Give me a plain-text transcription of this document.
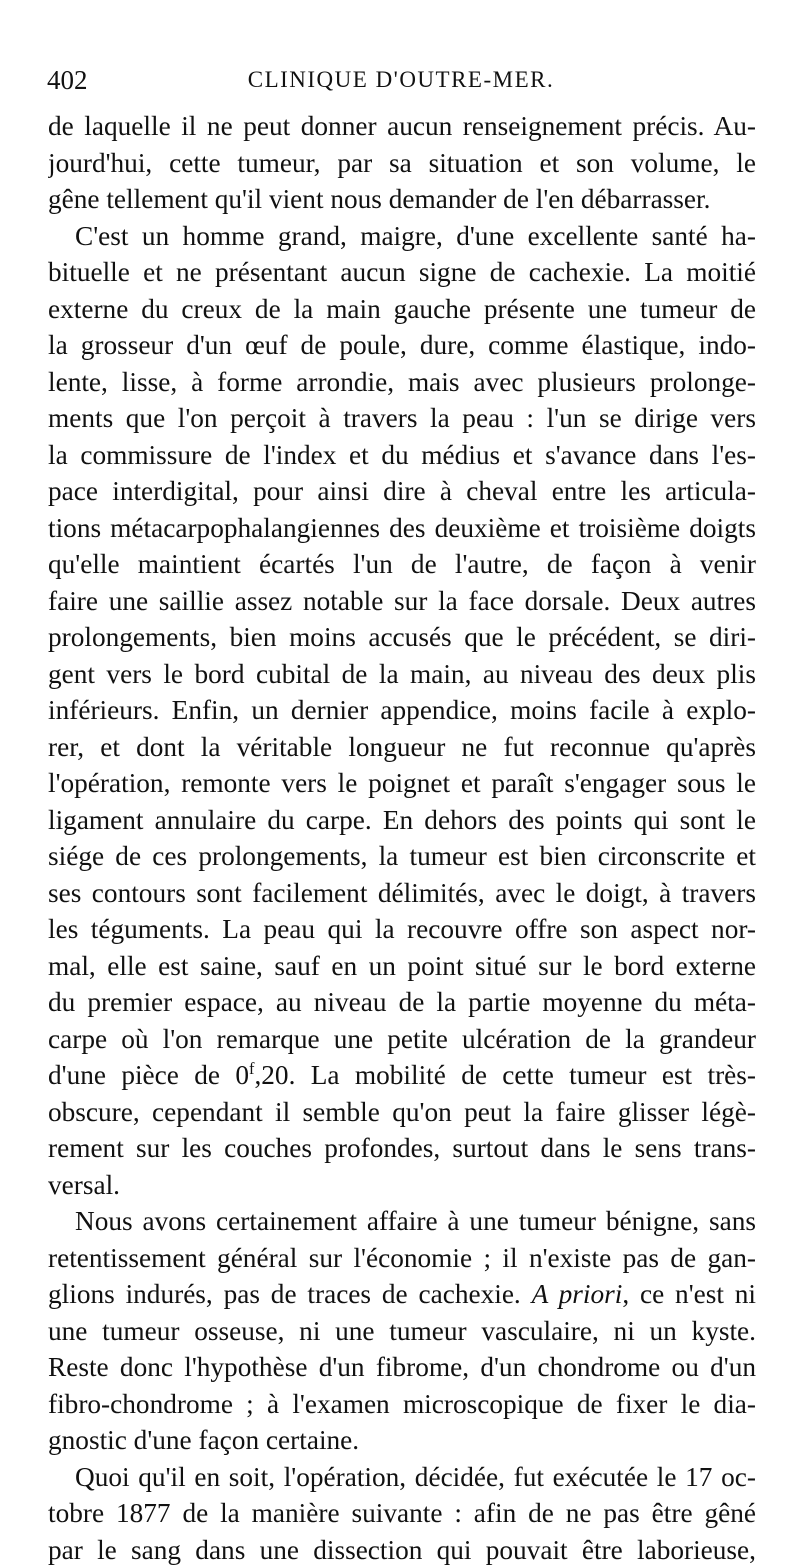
402	CLINIQUE D'OUTRE-MER.
de laquelle il ne peut donner aucun renseignement précis. Au-
jourd'hui, cette tumeur, par sa situation et son volume, le
gêne tellement qu'il vient nous demander de l'en débarrasser.
C'est un homme grand, maigre, d'une excellente santé ha-
bituelle et ne présentant aucun signe de cachexie. La moitié
externe du creux de la main gauche présente une tumeur de
la grosseur d'un œuf de poule, dure, comme élastique, indo-
lente, lisse, à forme arrondie, mais avec plusieurs prolonge-
ments que l'on perçoit à travers la peau : l'un se dirige vers
la commissure de l'index et du médius et s'avance dans l'es-
pace interdigital, pour ainsi dire à cheval entre les articula-
tions métacarpophalangiennes des deuxième et troisième doigts
qu'elle maintient écartés l'un de l'autre, de façon à venir
faire une saillie assez notable sur la face dorsale. Deux autres
prolongements, bien moins accusés que le précédent, se diri-
gent vers le bord cubital de la main, au niveau des deux plis
inférieurs. Enfin, un dernier appendice, moins facile à explo-
rer, et dont la véritable longueur ne fut reconnue qu'après
l'opération, remonte vers le poignet et paraît s'engager sous le
ligament annulaire du carpe. En dehors des points qui sont le
siége de ces prolongements, la tumeur est bien circonscrite et
ses contours sont facilement délimités, avec le doigt, à travers
les téguments. La peau qui la recouvre offre son aspect nor-
mal, elle est saine, sauf en un point situé sur le bord externe
du premier espace, au niveau de la partie moyenne du méta-
carpe où l'on remarque une petite ulcération de la grandeur
d'une pièce de 0$^f$,20. La mobilité de cette tumeur est très-
obscure, cependant il semble qu'on peut la faire glisser légè-
rement sur les couches profondes, surtout dans le sens trans-
versal.
Nous avons certainement affaire à une tumeur bénigne, sans
retentissement général sur l'économie ; il n'existe pas de gan-
glions indurés, pas de traces de cachexie. A priori, ce n'est ni
une tumeur osseuse, ni une tumeur vasculaire, ni un kyste.
Reste donc l'hypothèse d'un fibrome, d'un chondrome ou d'un
fibro-chondrome ; à l'examen microscopique de fixer le dia-
gnostic d'une façon certaine.
Quoi qu'il en soit, l'opération, décidée, fut exécutée le 17 oc-
tobre 1877 de la manière suivante : afin de ne pas être gêné
par le sang dans une dissection qui pouvait être laborieuse,
